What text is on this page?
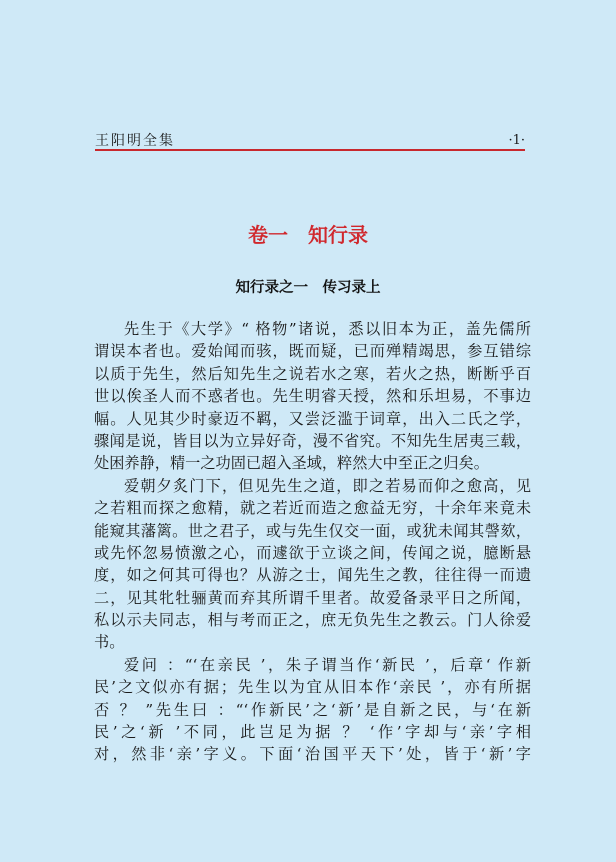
王阳明全集	·1·
卷一　知行录
知行录之一　传习录上
先生于《大学》“ 格物”诸说，悉以旧本为正，盖先儒所
谓误本者也。爱始闻而骇，既而疑，已而殚精竭思，参互错综
以质于先生，然后知先生之说若水之寒，若火之热，断断乎百
世以俟圣人而不惑者也。先生明睿天授，然和乐坦易，不事边
幅。人见其少时豪迈不羁，又尝泛滥于词章，出入二氏之学，
骤闻是说，皆目以为立异好奇，漫不省究。不知先生居夷三载，
处困养静，精一之功固已超入圣域，粹然大中至正之归矣。
爱朝夕炙门下，但见先生之道，即之若易而仰之愈高，见
之若粗而探之愈精，就之若近而造之愈益无穷，十余年来竟未
能窥其藩篱。世之君子，或与先生仅交一面，或犹未闻其謦欬，
或先怀忽易愤激之心，而遽欲于立谈之间，传闻之说，臆断悬
度，如之何其可得也？从游之士，闻先生之教，往往得一而遗
二，见其牝牡骊黄而弃其所谓千里者。故爱备录平日之所闻，
私以示夫同志，相与考而正之，庶无负先生之教云。门人徐爱
书。
爱问 ：“‘在亲民 ’，朱子谓当作‘新民 ’，后章‘ 作新
民’之文似亦有据；先生以为宜从旧本作‘亲民 ’，亦有所据
否 ？ ”先生曰 ：“‘作新民’之‘新’是自新之民，与‘在新
民’之‘新 ’不同，此岂足为据 ？ ‘作’字却与‘亲’字相
对，然非‘亲’字义。下面‘治国平天下’处，皆于‘新’字
